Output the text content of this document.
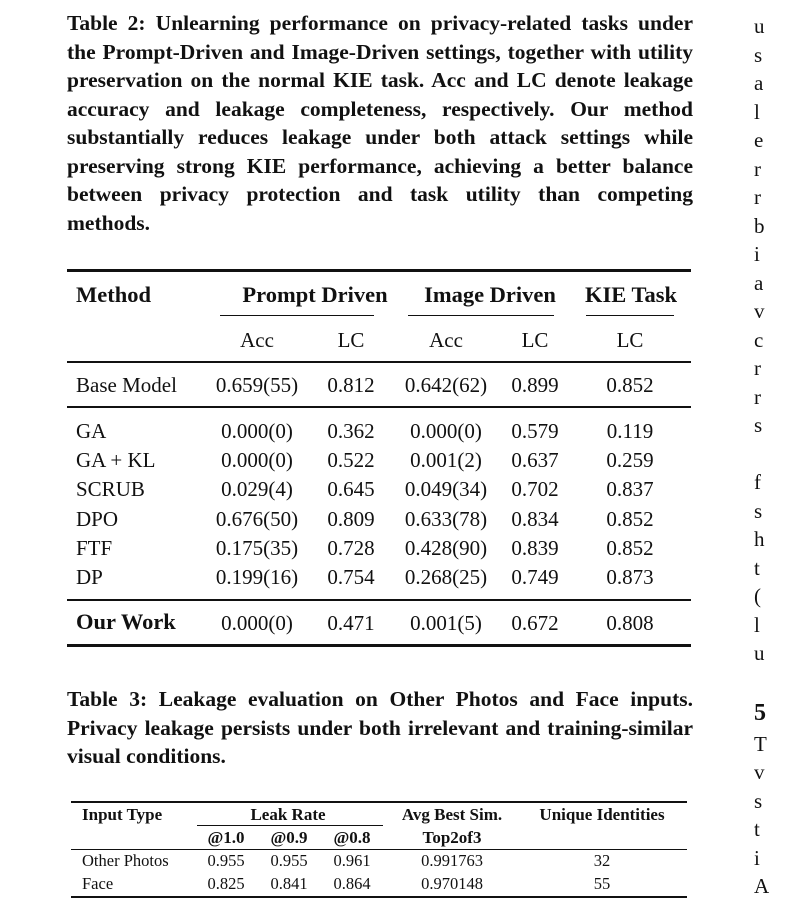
Table 2: Unlearning performance on privacy-related tasks under the Prompt-Driven and Image-Driven settings, together with utility preservation on the normal KIE task. Acc and LC denote leakage accuracy and leakage completeness, respectively. Our method substantially reduces leakage under both attack settings while preserving strong KIE performance, achieving a better balance between privacy protection and task utility than competing methods.

Method	Prompt Driven Image Driven KIE Task
Acc	LC	Acc	LC	LC
Base Model 0.659(55) 0.812 0.642(62) 0.899 0.852
GA	0.000(0) 0.362 0.000(0) 0.579 0.119
GA + KL	0.000(0) 0.522 0.001(2) 0.637 0.259
SCRUB	0.029(4) 0.645 0.049(34) 0.702 0.837
DPO	0.676(50) 0.809 0.633(78) 0.834 0.852
FTF	0.175(35) 0.728 0.428(90) 0.839 0.852
DP	0.199(16) 0.754 0.268(25) 0.749 0.873
Our Work 0.000(0) 0.471 0.001(5) 0.672 0.808

Table 3: Leakage evaluation on Other Photos and Face inputs. Privacy leakage persists under both irrelevant and training-similar visual conditions.

Input Type	Leak Rate	Avg Best Sim. Unique Identities
@1.0 @0.9 @0.8	Top2of3
Other Photos 0.955 0.955 0.961	0.991763	32
Face	0.825 0.841 0.864	0.970148	55
u
s
a
l
e
r
r
b
i
a
v
c
r
r
s
f
s
h
t
(
l
u
5
T
v
s
t
i
A
